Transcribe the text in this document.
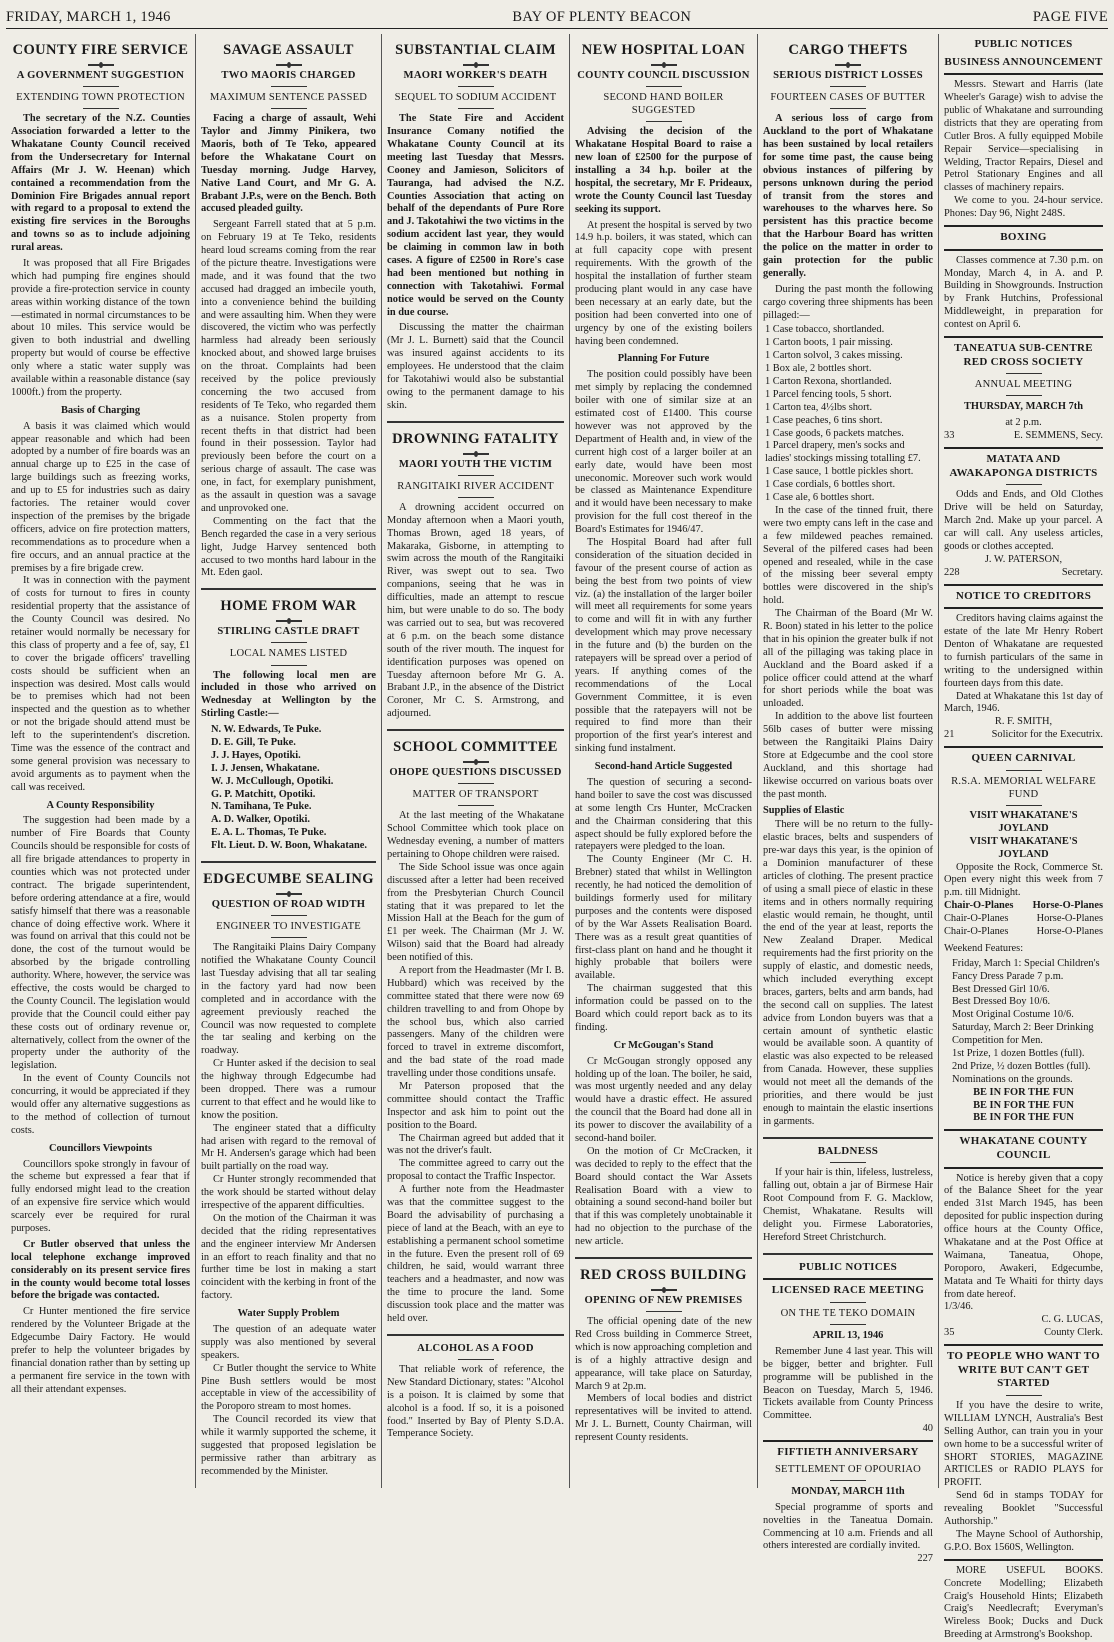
FRIDAY, MARCH 1, 1946	BAY OF PLENTY BEACON	PAGE FIVE
COUNTY FIRE SERVICE
A GOVERNMENT SUGGESTION
EXTENDING TOWN PROTECTION

The secretary of the N.Z. Counties Association forwarded a letter to the Whakatane County Council received from the Undersecretary for Internal Affairs (Mr J. W. Heenan) which contained a recommendation from the Dominion Fire Brigades annual report with regard to a proposal to extend the existing fire services in the Boroughs and towns so as to include adjoining rural areas.

It was proposed that all Fire Brigades which had pumping fire engines should provide a fire-protection service in county areas within working distance of the town—estimated in normal circumstances to be about 10 miles. This service would be given to both industrial and dwelling property but would of course be effective only where a static water supply was available within a reasonable distance (say 1000ft.) from the property.

Basis of Charging

A basis it was claimed which would appear reasonable and which had been adopted by a number of fire boards was an annual charge up to £25 in the case of large buildings such as freezing works, and up to £5 for industries such as dairy factories. The retainer would cover inspection of the premises by the brigade officers, advice on fire protection matters, recommendations as to procedure when a fire occurs, and an annual practice at the premises by a fire brigade crew.

It was in connection with the payment of costs for turnout to fires in county residential property that the assistance of the County Council was desired. No retainer would normally be necessary for this class of property and a fee of, say, £1 to cover the brigade officers' travelling costs should be sufficient when an inspection was desired. Most calls would be to premises which had not been inspected and the question as to whether or not the brigade should attend must be left to the superintendent's discretion. Time was the essence of the contract and some general provision was necessary to avoid arguments as to payment when the call was received.

A County Responsibility

The suggestion had been made by a number of Fire Boards that County Councils should be responsible for costs of all fire brigade attendances to property in counties which was not protected under contract. The brigade superintendent, before ordering attendance at a fire, would satisfy himself that there was a reasonable chance of doing effective work. Where it was found on arrival that this could not be done, the cost of the turnout would be absorbed by the brigade controlling authority. Where, however, the service was effective, the costs would be charged to the County Council. The legislation would provide that the Council could either pay these costs out of ordinary revenue or, alternatively, collect from the owner of the property under the authority of the legislation.

In the event of County Councils not concurring, it would be appreciated if they would offer any alternative suggestions as to the method of collection of turnout costs.

Councillors Viewpoints

Councillors spoke strongly in favour of the scheme but expressed a fear that if fully endorsed might lead to the creation of an expensive fire service which would scarcely ever be required for rural purposes.

Cr Butler observed that unless the local telephone exchange improved considerably on its present service fires in the county would become total losses before the brigade was contacted.

Cr Hunter mentioned the fire service rendered by the Volunteer Brigade at the Edgecumbe Dairy Factory. He would prefer to help the volunteer brigades by financial donation rather than by setting up a permanent fire service in the town with all their attendant expenses.

SAVAGE ASSAULT
TWO MAORIS CHARGED
MAXIMUM SENTENCE PASSED

Facing a charge of assault, Wehi Taylor and Jimmy Pinikera, two Maoris, both of Te Teko, appeared before the Whakatane Court on Tuesday morning. Judge Harvey, Native Land Court, and Mr G. A. Brabant J.P.s, were on the Bench. Both accused pleaded guilty.

Sergeant Farrell stated that at 5 p.m. on February 19 at Te Teko, residents heard loud screams coming from the rear of the picture theatre. Investigations were made, and it was found that the two accused had dragged an imbecile youth, into a convenience behind the building and were assaulting him. When they were discovered, the victim who was perfectly harmless had already been seriously knocked about, and showed large bruises on the throat. Complaints had been received by the police previously concerning the two accused from residents of Te Teko, who regarded them as a nuisance. Stolen property from recent thefts in that district had been found in their possession. Taylor had previously been before the court on a serious charge of assault. The case was one, in fact, for exemplary punishment, as the assault in question was a savage and unprovoked one.

Commenting on the fact that the Bench regarded the case in a very serious light, Judge Harvey sentenced both accused to two months hard labour in the Mt. Eden gaol.

HOME FROM WAR
STIRLING CASTLE DRAFT
LOCAL NAMES LISTED

The following local men are included in those who arrived on Wednesday at Wellington by the Stirling Castle:—

N. W. Edwards, Te Puke.
D. E. Gill, Te Puke.
J. J. Hayes, Opotiki.
I. J. Jensen, Whakatane.
W. J. McCullough, Opotiki.
G. P. Matchitt, Opotiki.
N. Tamihana, Te Puke.
A. D. Walker, Opotiki.
E. A. L. Thomas, Te Puke.
Flt. Lieut. D. W. Boon, Whakatane.
EDGECUMBE SEALING
QUESTION OF ROAD WIDTH
ENGINEER TO INVESTIGATE

The Rangitaiki Plains Dairy Company notified the Whakatane County Council last Tuesday advising that all tar sealing in the factory yard had now been completed and in accordance with the agreement previously reached the Council was now requested to complete the tar sealing and kerbing on the roadway.

Cr Hunter asked if the decision to seal the highway through Edgecumbe had been dropped. There was a rumour current to that effect and he would like to know the position.

The engineer stated that a difficulty had arisen with regard to the removal of Mr H. Andersen's garage which had been built partially on the road way.

Cr Hunter strongly recommended that the work should be started without delay irrespective of the apparent difficulties.

On the motion of the Chairman it was decided that the riding representatives and the engineer interview Mr Andersen in an effort to reach finality and that no further time be lost in making a start coincident with the kerbing in front of the factory.

Water Supply Problem

The question of an adequate water supply was also mentioned by several speakers.

Cr Butler thought the service to White Pine Bush settlers would be most acceptable in view of the accessibility of the Poroporo stream to most homes.

The Council recorded its view that while it warmly supported the scheme, it suggested that proposed legislation be permissive rather than arbitrary as recommended by the Minister.

SUBSTANTIAL CLAIM
MAORI WORKER'S DEATH
SEQUEL TO SODIUM ACCIDENT

The State Fire and Accident Insurance Comany notified the Whakatane County Council at its meeting last Tuesday that Messrs. Cooney and Jamieson, Solicitors of Tauranga, had advised the N.Z. Counties Association that acting on behalf of the dependants of Pure Rore and J. Takotahiwi the two victims in the sodium accident last year, they would be claiming in common law in both cases. A figure of £2500 in Rore's case had been mentioned but nothing in connection with Takotahiwi. Formal notice would be served on the County in due course.

Discussing the matter the chairman (Mr J. L. Burnett) said that the Council was insured against accidents to its employees. He understood that the claim for Takotahiwi would also be substantial owing to the permanent damage to his skin.

DROWNING FATALITY
MAORI YOUTH THE VICTIM
RANGITAIKI RIVER ACCIDENT

A drowning accident occurred on Monday afternoon when a Maori youth, Thomas Brown, aged 18 years, of Makaraka, Gisborne, in attempting to swim across the mouth of the Rangitaiki River, was swept out to sea. Two companions, seeing that he was in difficulties, made an attempt to rescue him, but were unable to do so. The body was carried out to sea, but was recovered at 6 p.m. on the beach some distance south of the river mouth. The inquest for identification purposes was opened on Tuesday afternoon before Mr G. A. Brabant J.P., in the absence of the District Coroner, Mr C. S. Armstrong, and adjourned.

SCHOOL COMMITTEE
OHOPE QUESTIONS DISCUSSED
MATTER OF TRANSPORT

At the last meeting of the Whakatane School Committee which took place on Wednesday evening, a number of matters pertaining to Ohope children were raised.

The Side School issue was once again discussed after a letter had been received from the Presbyterian Church Council stating that it was prepared to let the Mission Hall at the Beach for the gum of £1 per week. The Chairman (Mr J. W. Wilson) said that the Board had already been notified of this.

A report from the Headmaster (Mr I. B. Hubbard) which was received by the committee stated that there were now 69 children travelling to and from Ohope by the school bus, which also carried passengers. Many of the children were forced to travel in extreme discomfort, and the bad state of the road made travelling under those conditions unsafe.

Mr Paterson proposed that the committee should contact the Traffic Inspector and ask him to point out the position to the Board.

The Chairman agreed but added that it was not the driver's fault.

The committee agreed to carry out the proposal to contact the Traffic Inspector.

A further note from the Headmaster was that the committee suggest to the Board the advisability of purchasing a piece of land at the Beach, with an eye to establishing a permanent school sometime in the future. Even the present roll of 69 children, he said, would warrant three teachers and a headmaster, and now was the time to procure the land. Some discussion took place and the matter was held over.

ALCOHOL AS A FOOD

That reliable work of reference, the New Standard Dictionary, states: "Alcohol is a poison. It is claimed by some that alcohol is a food. If so, it is a poisoned food." Inserted by Bay of Plenty S.D.A. Temperance Society.

NEW HOSPITAL LOAN
COUNTY COUNCIL DISCUSSION
SECOND HAND BOILER SUGGESTED

Advising the decision of the Whakatane Hospital Board to raise a new loan of £2500 for the purpose of installing a 34 h.p. boiler at the hospital, the secretary, Mr F. Prideaux, wrote the County Council last Tuesday seeking its support.

At present the hospital is served by two 14.9 h.p. boilers, it was stated, which can at full capacity cope with present requirements. With the growth of the hospital the installation of further steam producing plant would in any case have been necessary at an early date, but the position had been converted into one of urgency by one of the existing boilers having been condemned.

Planning For Future

The position could possibly have been met simply by replacing the condemned boiler with one of similar size at an estimated cost of £1400. This course however was not approved by the Department of Health and, in view of the current high cost of a larger boiler at an early date, would have been most uneconomic. Moreover such work would be classed as Maintenance Expenditure and it would have been necessary to make provision for the full cost thereof in the Board's Estimates for 1946/47.

The Hospital Board had after full consideration of the situation decided in favour of the present course of action as being the best from two points of view viz. (a) the installation of the larger boiler will meet all requirements for some years to come and will fit in with any further development which may prove necessary in the future and (b) the burden on the ratepayers will be spread over a period of years. If anything comes of the recommendations of the Local Government Committee, it is even possible that the ratepayers will not be required to find more than their proportion of the first year's interest and sinking fund instalment.

Second-hand Article Suggested

The question of securing a second-hand boiler to save the cost was discussed at some length Crs Hunter, McCracken and the Chairman considering that this aspect should be fully explored before the ratepayers were pledged to the loan.

The County Engineer (Mr C. H. Brebner) stated that whilst in Wellington recently, he had noticed the demolition of buildings formerly used for military purposes and the contents were disposed of by the War Assets Realisation Board. There was as a result great quantities of first-class plant on hand and he thought it highly probable that boilers were available.

The chairman suggested that this information could be passed on to the Board which could report back as to its finding.

Cr McGougan's Stand

Cr McGougan strongly opposed any holding up of the loan. The boiler, he said, was most urgently needed and any delay would have a drastic effect. He assured the council that the Board had done all in its power to discover the availability of a second-hand boiler.

On the motion of Cr McCracken, it was decided to reply to the effect that the Board should contact the War Assets Realisation Board with a view to obtaining a sound second-hand boiler but that if this was completely unobtainable it had no objection to the purchase of the new article.

RED CROSS BUILDING
OPENING OF NEW PREMISES

The official opening date of the new Red Cross building in Commerce Street, which is now approaching completion and is of a highly attractive design and appearance, will take place on Saturday, March 9 at 2p.m.

Members of local bodies and district representatives will be invited to attend. Mr J. L. Burnett, County Chairman, will represent County residents.

CARGO THEFTS
SERIOUS DISTRICT LOSSES
FOURTEEN CASES OF BUTTER

A serious loss of cargo from Auckland to the port of Whakatane has been sustained by local retailers for some time past, the cause being obvious instances of pilfering by persons unknown during the period of transit from the stores and warehouses to the wharves here. So persistent has this practice become that the Harbour Board has written the police on the matter in order to gain protection for the public generally.

During the past month the following cargo covering three shipments has been pillaged:—

1 Case tobacco, shortlanded.
1 Carton boots, 1 pair missing.
1 Carton solvol, 3 cakes missing.
1 Box ale, 2 bottles short.
1 Carton Rexona, shortlanded.
1 Parcel fencing tools, 5 short.
1 Carton tea, 4½lbs short.
1 Case peaches, 6 tins short.
1 Case goods, 6 packets matches.
1 Parcel drapery, men's socks and ladies' stockings missing totalling £7.
1 Case sauce, 1 bottle pickles short.
1 Case cordials, 6 bottles short.
1 Case ale, 6 bottles short.

In the case of the tinned fruit, there were two empty cans left in the case and a few mildewed peaches remained. Several of the pilfered cases had been opened and resealed, while in the case of the missing beer several empty bottles were discovered in the ship's hold.

The Chairman of the Board (Mr W. R. Boon) stated in his letter to the police that in his opinion the greater bulk if not all of the pillaging was taking place in Auckland and the Board asked if a police officer could attend at the wharf for short periods while the boat was unloaded.

In addition to the above list fourteen 56lb cases of butter were missing between the Rangitaiki Plains Dairy Store at Edgecumbe and the cool store Auckland, and this shortage had likewise occurred on various boats over the past month.

Supplies of Elastic

There will be no return to the fully-elastic braces, belts and suspenders of pre-war days this year, is the opinion of a Dominion manufacturer of these articles of clothing. The present practice of using a small piece of elastic in these items and in others normally requiring elastic would remain, he thought, until the end of the year at least, reports the New Zealand Draper. Medical requirements had the first priority on the supply of elastic, and domestic needs, which included everything except braces, garters, belts and arm bands, had the second call on supplies. The latest advice from London buyers was that a certain amount of synthetic elastic would be available soon. A quantity of elastic was also expected to be released from Canada. However, these supplies would not meet all the demands of the priorities, and there would be just enough to maintain the elastic insertions in garments.

BALDNESS

If your hair is thin, lifeless, lustreless, falling out, obtain a jar of Birmese Hair Root Compound from F. G. Macklow, Chemist, Whakatane. Results will delight you. Firmese Laboratories, Hereford Street Christchurch.

PUBLIC NOTICES
LICENSED RACE MEETING
ON THE TE TEKO DOMAIN
APRIL 13, 1946

Remember June 4 last year. This will be bigger, better and brighter. Full programme will be published in the Beacon on Tuesday, March 5, 1946. Tickets available from County Princess Committee.

40
FIFTIETH ANNIVERSARY
SETTLEMENT OF OPOURIAO
MONDAY, MARCH 11th

Special programme of sports and novelties in the Taneatua Domain. Commencing at 10 a.m. Friends and all others interested are cordially invited.

227
PUBLIC NOTICES
BUSINESS ANNOUNCEMENT

Messrs. Stewart and Harris (late Wheeler's Garage) wish to advise the public of Whakatane and surrounding districts that they are operating from Cutler Bros. A fully equipped Mobile Repair Service—specialising in Welding, Tractor Repairs, Diesel and Petrol Stationary Engines and all classes of machinery repairs.

We come to you. 24-hour service. Phones: Day 96, Night 248S.

BOXING

Classes commence at 7.30 p.m. on Monday, March 4, in A. and P. Building in Showgrounds. Instruction by Frank Hutchins, Professional Middleweight, in preparation for contest on April 6.

TANEATUA SUB-CENTRE RED CROSS SOCIETY
ANNUAL MEETING
THURSDAY, MARCH 7th
at 2 p.m.
33	E. SEMMENS, Secy.
MATATA AND AWAKAPONGA DISTRICTS

Odds and Ends, and Old Clothes Drive will be held on Saturday, March 2nd. Make up your parcel. A car will call. Any useless articles, goods or clothes accepted.

J. W. PATERSON,
228	Secretary.
NOTICE TO CREDITORS

Creditors having claims against the estate of the late Mr Henry Robert Denton of Whakatane are requested to furnish particulars of the same in writing to the undersigned within fourteen days from this date.

Dated at Whakatane this 1st day of March, 1946.

R. F. SMITH,
21	Solicitor for the Executrix.
QUEEN CARNIVAL
R.S.A. MEMORIAL WELFARE FUND
VISIT WHAKATANE'S JOYLAND
VISIT WHAKATANE'S JOYLAND

Opposite the Rock, Commerce St. Open every night this week from 7 p.m. till Midnight.

Chair-O-Planes Horse-O-Planes
Chair-O-Planes	Horse-O-Planes
Chair-O-Planes	Horse-O-Planes
Weekend Features:
Friday, March 1: Special Children's Fancy Dress Parade 7 p.m.
Best Dressed Girl 10/6.
Best Dressed Boy 10/6.
Most Original Costume 10/6.
Saturday, March 2: Beer Drinking Competition for Men.
1st Prize, 1 dozen Bottles (full).
2nd Prize, ½ dozen Bottles (full).
Nominations on the grounds.
BE IN FOR THE FUN
BE IN FOR THE FUN
BE IN FOR THE FUN
WHAKATANE COUNTY COUNCIL

Notice is hereby given that a copy of the Balance Sheet for the year ended 31st March 1945, has been deposited for public inspection during office hours at the County Office, Whakatane and at the Post Office at Waimana, Taneatua, Ohope, Poroporo, Awakeri, Edgecumbe, Matata and Te Whaiti for thirty days from date hereof.

1/3/46.
C. G. LUCAS,
35	County Clerk.
TO PEOPLE WHO WANT TO WRITE BUT CAN'T GET STARTED

If you have the desire to write, WILLIAM LYNCH, Australia's Best Selling Author, can train you in your own home to be a successful writer of SHORT STORIES, MAGAZINE ARTICLES or RADIO PLAYS for PROFIT.

Send 6d in stamps TODAY for revealing Booklet "Successful Authorship."

The Mayne School of Authorship, G.P.O. Box 1560S, Wellington.

MORE USEFUL BOOKS. Concrete Modelling; Elizabeth Craig's Household Hints; Elizabeth Craig's Needlecraft; Everyman's Wireless Book; Ducks and Duck Breeding at Armstrong's Bookshop.
